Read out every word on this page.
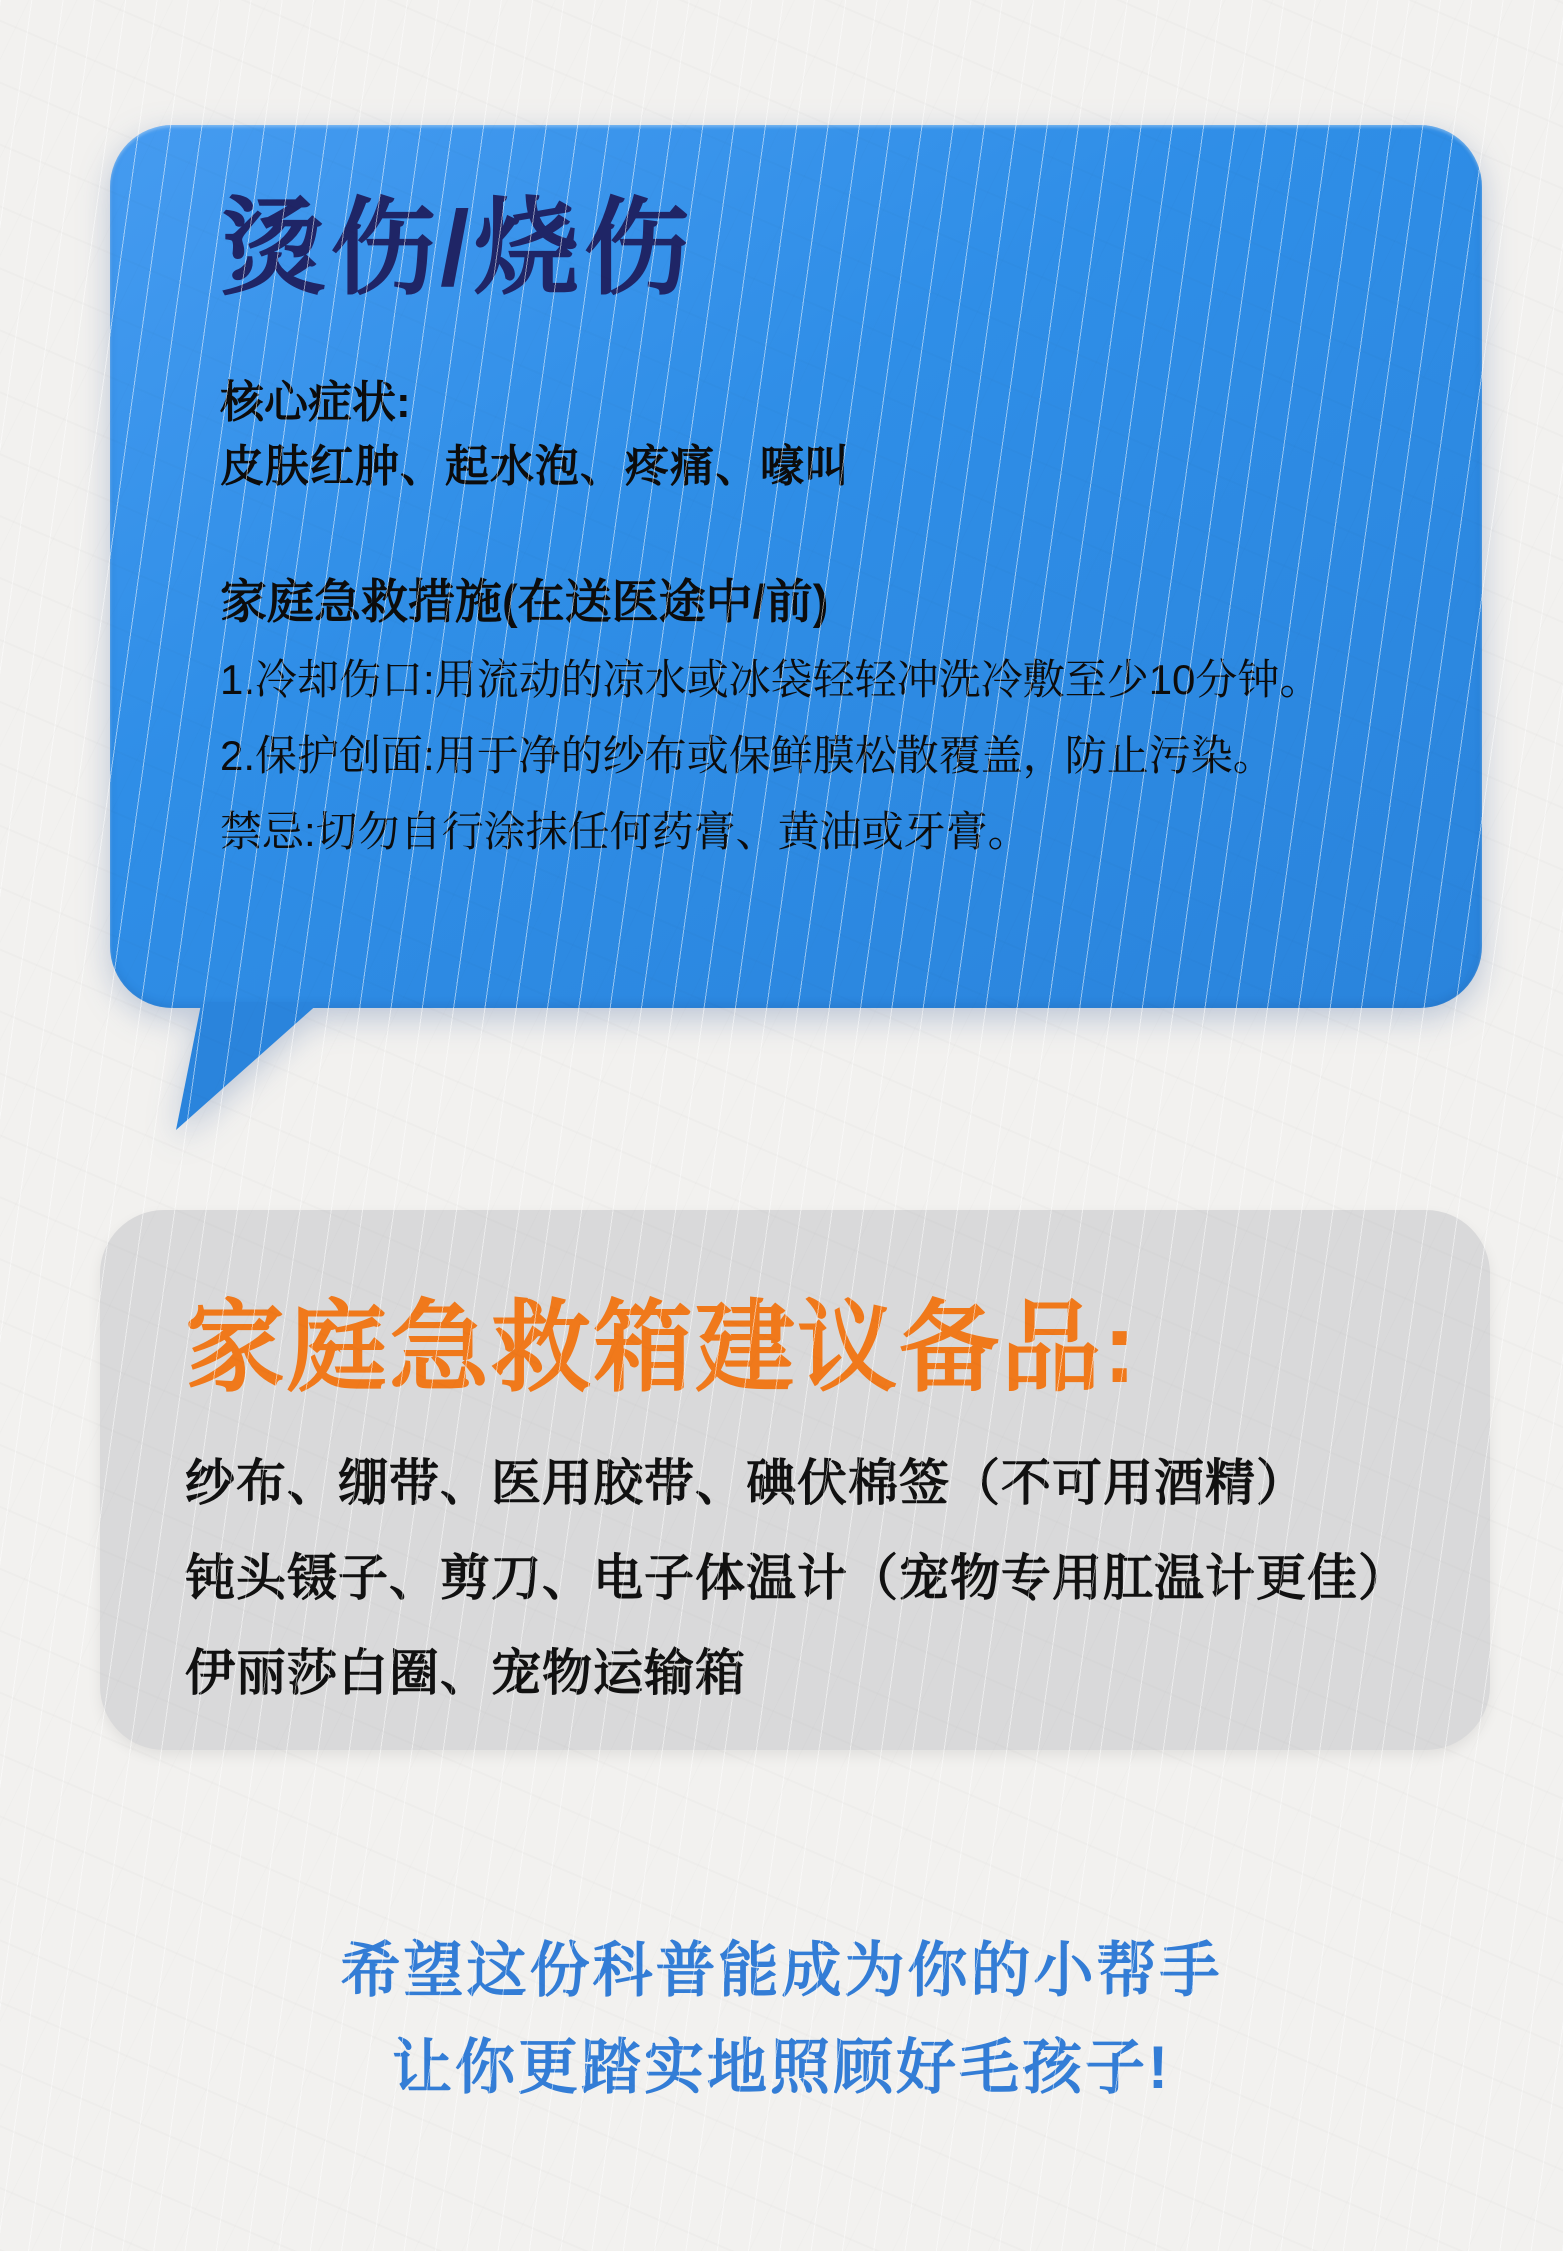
烫伤/烧伤

核心症状:

皮肤红肿、起水泡、疼痛、嚎叫

家庭急救措施(在送医途中/前)

1.冷却伤口:用流动的凉水或冰袋轻轻冲洗冷敷至少10分钟。

2.保护创面:用于净的纱布或保鲜膜松散覆盖，防止污染。

禁忌:切勿自行涂抹任何药膏、黄油或牙膏。

家庭急救箱建议备品:

纱布、绷带、医用胶带、碘伏棉签（不可用酒精）

钝头镊子、剪刀、电子体温计（宠物专用肛温计更佳）

伊丽莎白圈、宠物运输箱

希望这份科普能成为你的小帮手

让你更踏实地照顾好毛孩子!
